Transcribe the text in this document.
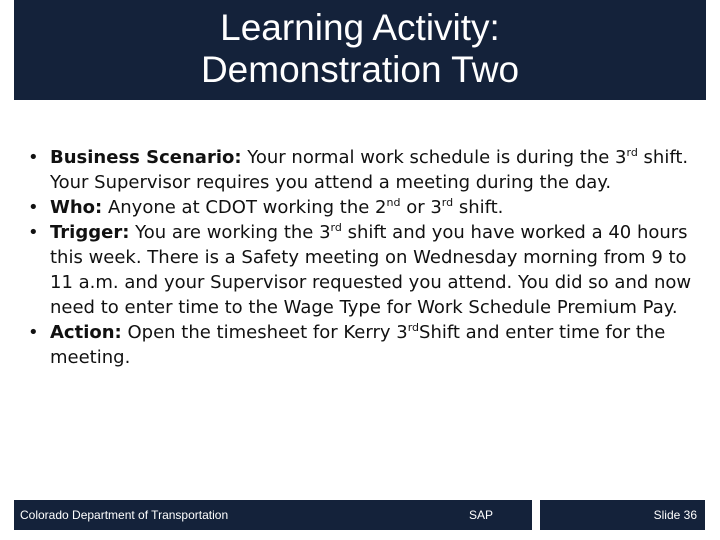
Learning Activity:
Demonstration Two
• Business Scenario: Your normal work schedule is during the 3rd shift. Your Supervisor requires you attend a meeting during the day.
• Who: Anyone at CDOT working the 2nd or 3rd shift.
• Trigger: You are working the 3rd shift and you have worked a 40 hours this week. There is a Safety meeting on Wednesday morning from 9 to 11 a.m. and your Supervisor requested you attend. You did so and now need to enter time to the Wage Type for Work Schedule Premium Pay.
• Action: Open the timesheet for Kerry 3rdShift and enter time for the meeting.
Colorado Department of Transportation	SAP	Slide 36
